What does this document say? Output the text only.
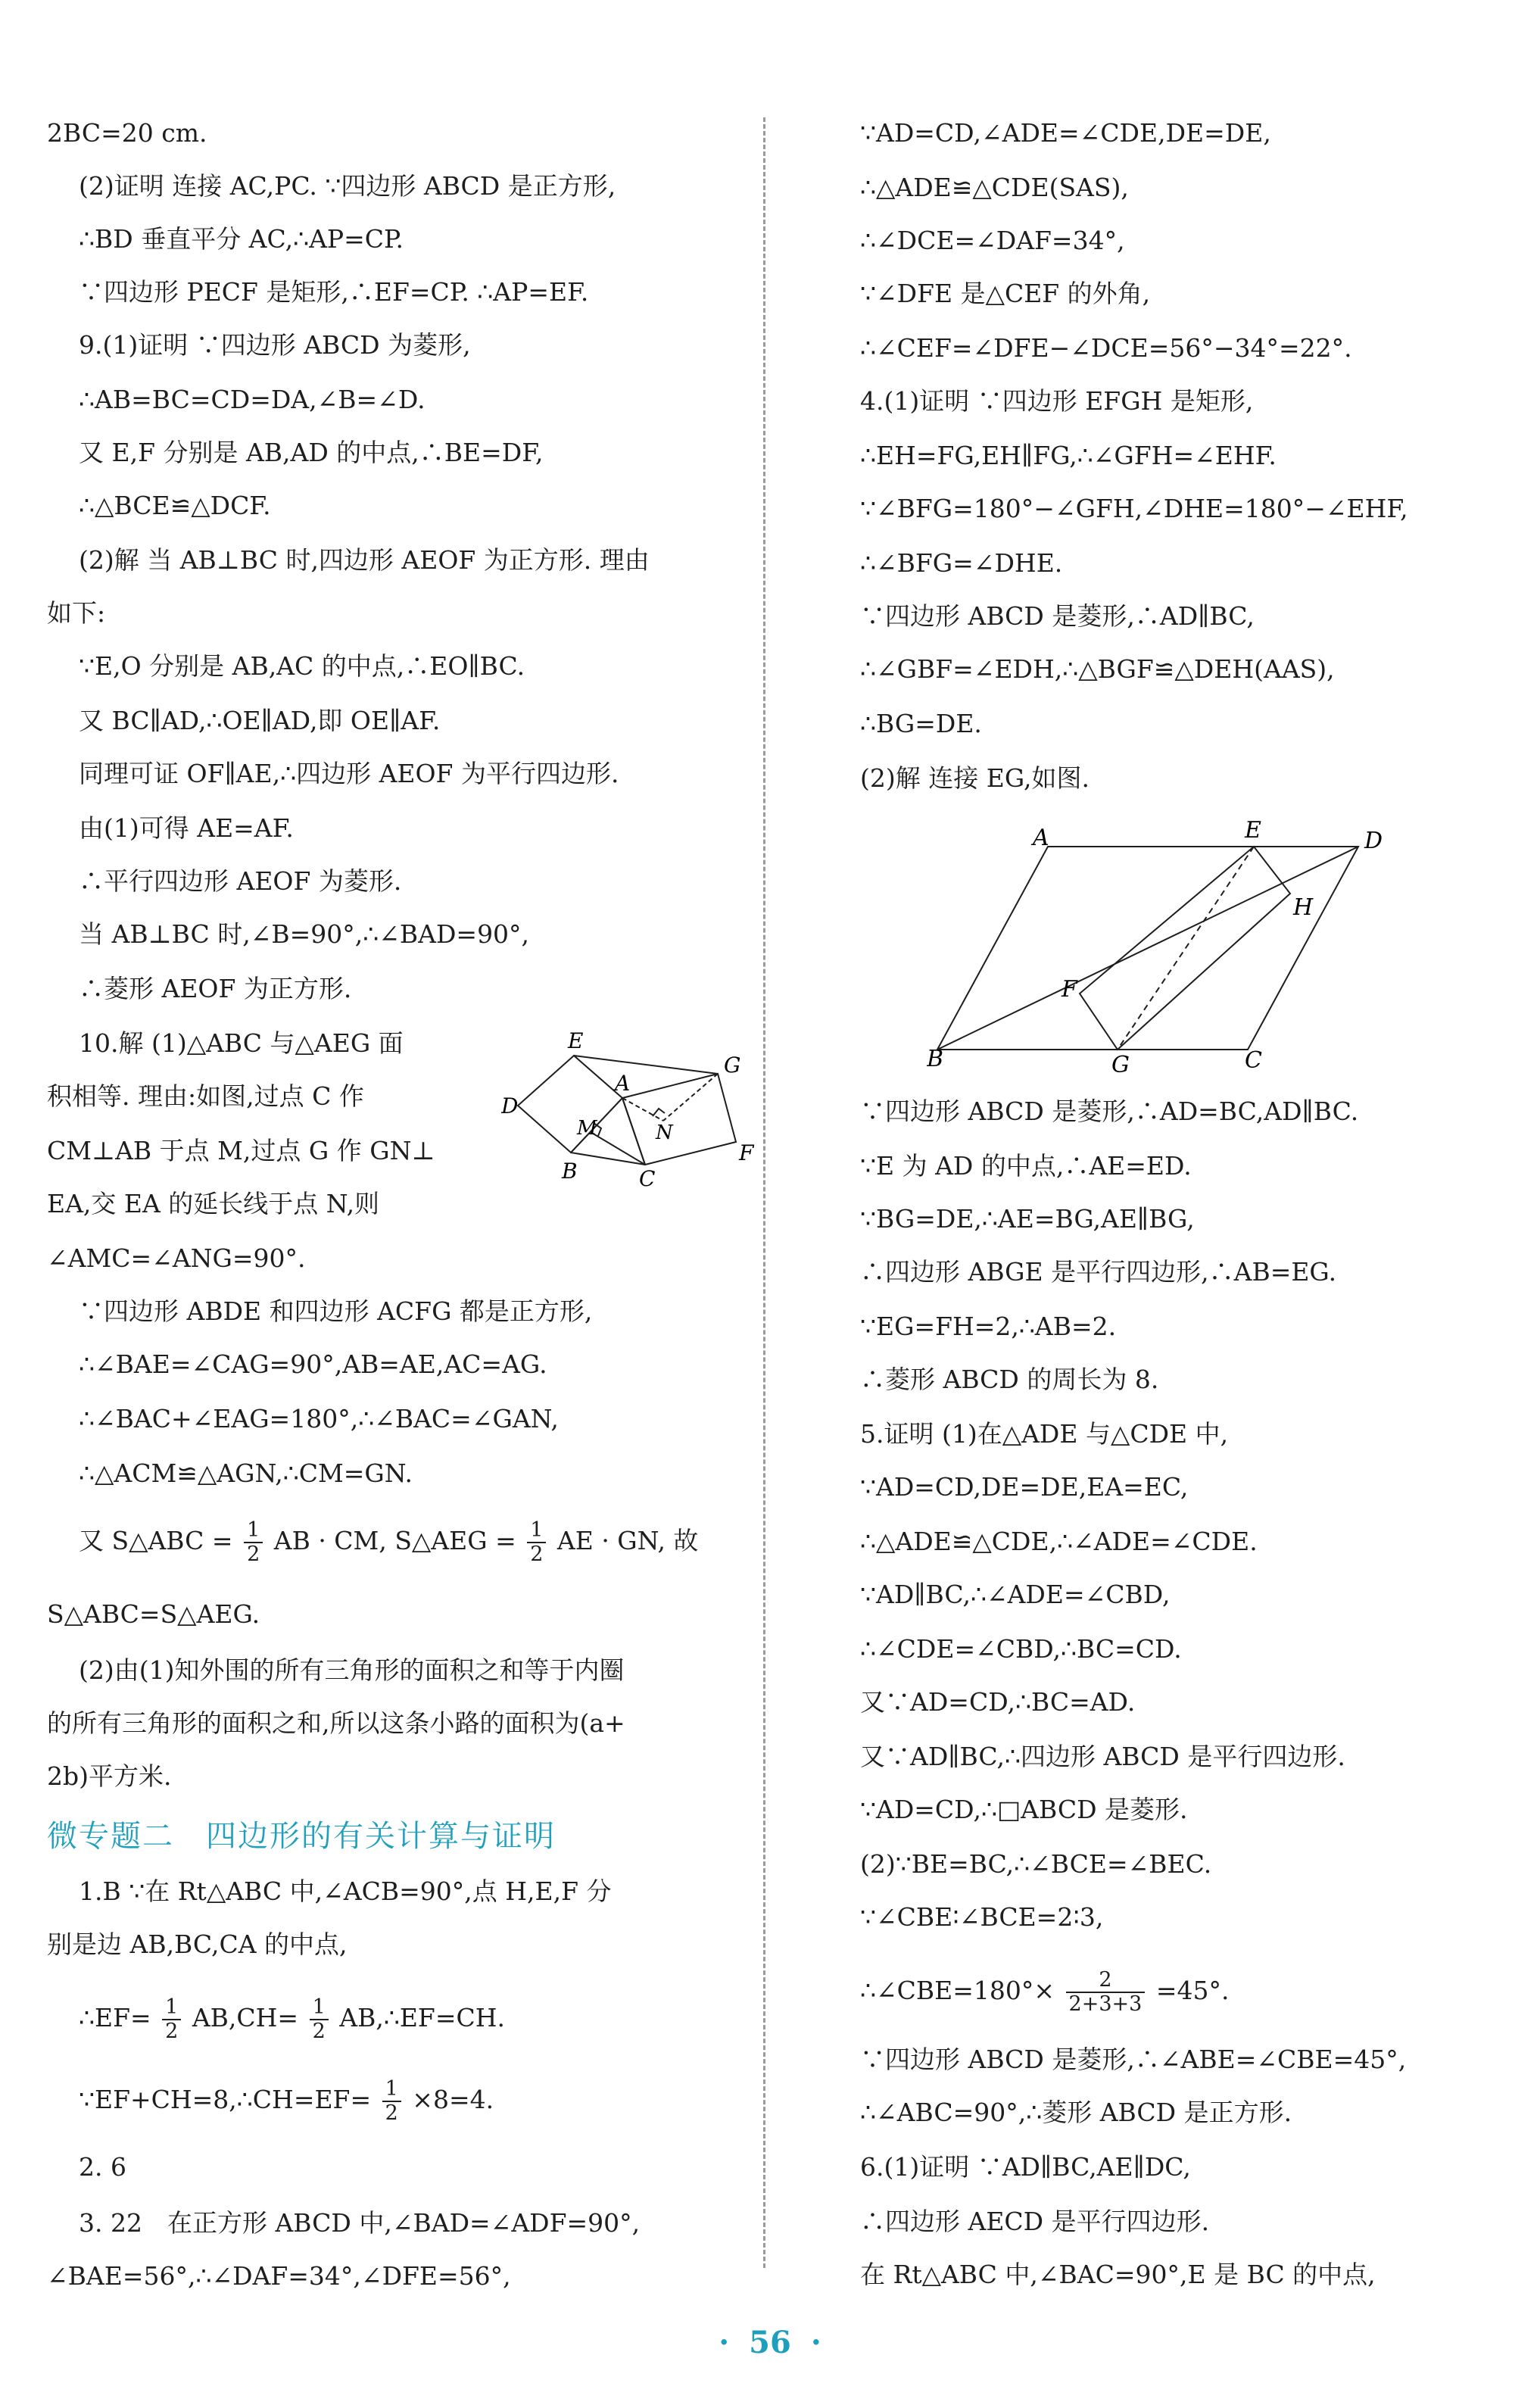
2BC=20 cm.
(2)证明 连接 AC,PC. ∵四边形 ABCD 是正方形,
∴BD 垂直平分 AC,∴AP=CP.
∵四边形 PECF 是矩形,∴EF=CP. ∴AP=EF.
9.(1)证明 ∵四边形 ABCD 为菱形,
∴AB=BC=CD=DA,∠B=∠D.
又 E,F 分别是 AB,AD 的中点,∴BE=DF,
∴△BCE≌△DCF.
(2)解 当 AB⊥BC 时,四边形 AEOF 为正方形. 理由
如下:
∵E,O 分别是 AB,AC 的中点,∴EO∥BC.
又 BC∥AD,∴OE∥AD,即 OE∥AF.
同理可证 OF∥AE,∴四边形 AEOF 为平行四边形.
由(1)可得 AE=AF.
∴平行四边形 AEOF 为菱形.
当 AB⊥BC 时,∠B=90°,∴∠BAD=90°,
∴菱形 AEOF 为正方形.
10.解 (1)△ABC 与△AEG 面
积相等. 理由:如图,过点 C 作
CM⊥AB 于点 M,过点 G 作 GN⊥
EA,交 EA 的延长线于点 N,则
∠AMC=∠ANG=90°.
E
A
G
D
M	N
F
B	C
∵四边形 ABDE 和四边形 ACFG 都是正方形,
∴∠BAE=∠CAG=90°,AB=AE,AC=AG.
∴∠BAC+∠EAG=180°,∴∠BAC=∠GAN,
∴△ACM≌△AGN,∴CM=GN.
又 S△ABC = $\frac{1}{2}$ AB · CM, S△AEG = $\frac{1}{2}$ AE · GN, 故
S△ABC=S△AEG.
(2)由(1)知外围的所有三角形的面积之和等于内圈
的所有三角形的面积之和,所以这条小路的面积为(a+
2b)平方米.
1.B ∵在 Rt△ABC 中,∠ACB=90°,点 H,E,F 分
别是边 AB,BC,CA 的中点,
∴EF= $\frac{1}{2} AB,CH= \frac{1}{2}$ AB,∴EF=CH.
∵EF+CH=8,∴CH=EF= $\frac{1}{2} \times 8=4$.
2. 6
3. 22　在正方形 ABCD 中,∠BAD=∠ADF=90°,
∠BAE=56°,∴∠DAF=34°,∠DFE=56°,
微专题二　四边形的有关计算与证明
∵AD=CD,∠ADE=∠CDE,DE=DE,
∴△ADE≌△CDE(SAS),
∴∠DCE=∠DAF=34°,
∵∠DFE 是△CEF 的外角,
∴∠CEF=∠DFE−∠DCE=56°−34°=22°.
4.(1)证明 ∵四边形 EFGH 是矩形,
∴EH=FG,EH∥FG,∴∠GFH=∠EHF.
∵∠BFG=180°−∠GFH,∠DHE=180°−∠EHF,
∴∠BFG=∠DHE.
∵四边形 ABCD 是菱形,∴AD∥BC,
∴∠GBF=∠EDH,∴△BGF≌△DEH(AAS),
∴BG=DE.
(2)解 连接 EG,如图.
A	E	D
H
F
B	G	C
∵四边形 ABCD 是菱形,∴AD=BC,AD∥BC.
∵E 为 AD 的中点,∴AE=ED.
∵BG=DE,∴AE=BG,AE∥BG,
∴四边形 ABGE 是平行四边形,∴AB=EG.
∵EG=FH=2,∴AB=2.
∴菱形 ABCD 的周长为 8.
5.证明 (1)在△ADE 与△CDE 中,
∵AD=CD,DE=DE,EA=EC,
∴△ADE≌△CDE,∴∠ADE=∠CDE.
∵AD∥BC,∴∠ADE=∠CBD,
∴∠CDE=∠CBD,∴BC=CD.
又∵AD=CD,∴BC=AD.
又∵AD∥BC,∴四边形 ABCD 是平行四边形.
∵AD=CD,∴□ABCD 是菱形.
(2)∵BE=BC,∴∠BCE=∠BEC.
∵∠CBE∶∠BCE=2∶3,
∴∠CBE=180°× $\frac{2}{2+3+3} =45^\circ$.
∵四边形 ABCD 是菱形,∴∠ABE=∠CBE=45°,
∴∠ABC=90°,∴菱形 ABCD 是正方形.
6.(1)证明 ∵AD∥BC,AE∥DC,
∴四边形 AECD 是平行四边形.
在 Rt△ABC 中,∠BAC=90°,E 是 BC 的中点,
· 56 ·
